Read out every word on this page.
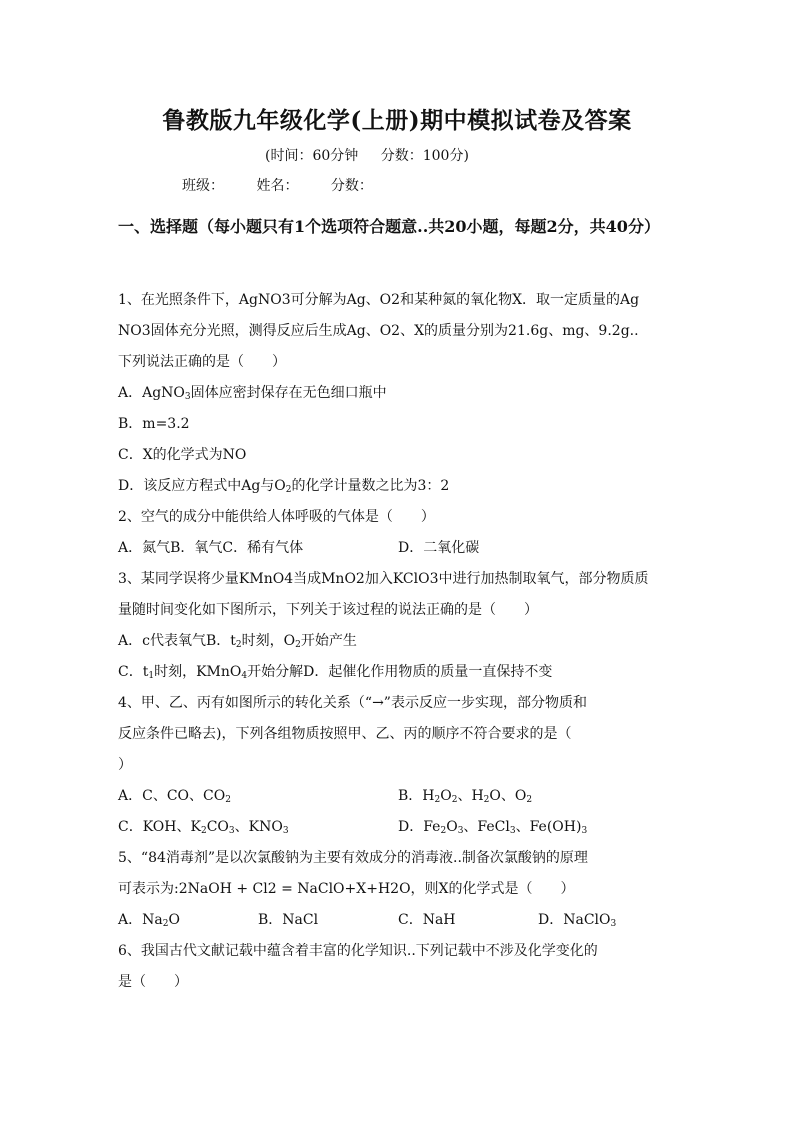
鲁教版九年级化学(上册)期中模拟试卷及答案
(时间：60分钟 分数：100分)
班级： 姓名： 分数：
一、选择题（每小题只有1个选项符合题意..共20小题，每题2分，共40分）
1、在光照条件下，AgNO3可分解为Ag、O2和某种氮的氧化物X．取一定质量的Ag
NO3固体充分光照，测得反应后生成Ag、O2、X的质量分别为21.6g、mg、9.2g..
下列说法正确的是（　　）
A．AgNO$_3$固体应密封保存在无色细口瓶中
B．m=3.2
C．X的化学式为NO
D．该反应方程式中Ag与$O_2$的化学计量数之比为3：2
2、空气的成分中能供给人体呼吸的气体是（　　）
A．氮气B．氧气C．稀有气体	D．二氧化碳
3、某同学误将少量KMnO4当成MnO2加入KClO3中进行加热制取氧气，部分物质质
量随时间变化如下图所示，下列关于该过程的说法正确的是（　　）
A．c代表氧气B．$t_2$时刻，$O_2$开始产生
C．$t_1$时刻，KMnO$_4$开始分解D．起催化作用物质的质量一直保持不变
4、甲、乙、丙有如图所示的转化关系（“→”表示反应一步实现，部分物质和
反应条件已略去)，下列各组物质按照甲、乙、丙的顺序不符合要求的是（
）
A．C、CO、$CO_2$	B．$H_2O_2$、$H_2O$、$O_2$
C．KOH、$K_2CO_3$、$KNO_3$	D．$Fe_2O_3$、FeCl$_3$、$Fe(OH)_3$
5、“84消毒剂”是以次氯酸钠为主要有效成分的消毒液..制备次氯酸钠的原理
可表示为:2NaOH + Cl2 = NaClO+X+H2O，则X的化学式是（　　）
A．$Na_2O$	B．NaCl	C．NaH	D．NaClO$_3$
6、我国古代文献记载中蕴含着丰富的化学知识..下列记载中不涉及化学变化的
是（　　）
